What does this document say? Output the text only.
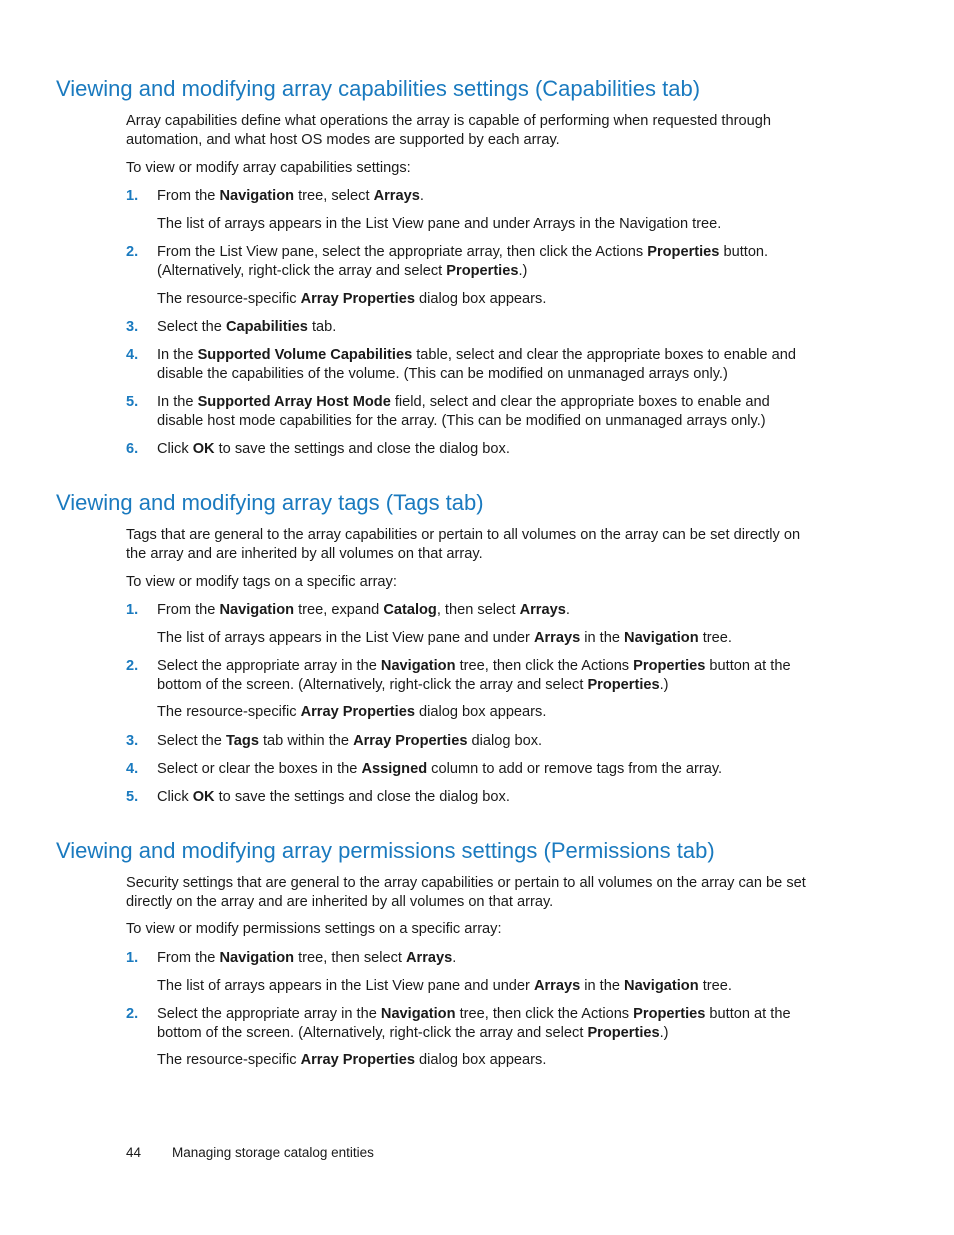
Viewing and modifying array capabilities settings (Capabilities tab)

Array capabilities define what operations the array is capable of performing when requested through automation, and what host OS modes are supported by each array.

To view or modify array capabilities settings:

Viewing and modifying array tags (Tags tab)

Tags that are general to the array capabilities or pertain to all volumes on the array can be set directly on the array and are inherited by all volumes on that array.

To view or modify tags on a specific array:

Viewing and modifying array permissions settings (Permissions tab)

Security settings that are general to the array capabilities or pertain to all volumes on the array can be set directly on the array and are inherited by all volumes on that array.

To view or modify permissions settings on a specific array:

44 Managing storage catalog entities
1. From the Navigation tree, select Arrays.
The list of arrays appears in the List View pane and under Arrays in the Navigation tree.
2. From the List View pane, select the appropriate array, then click the Actions Properties button. (Alternatively, right-click the array and select Properties.)
The resource-specific Array Properties dialog box appears.
3. Select the Capabilities tab.
4. In the Supported Volume Capabilities table, select and clear the appropriate boxes to enable and disable the capabilities of the volume. (This can be modified on unmanaged arrays only.)
5. In the Supported Array Host Mode field, select and clear the appropriate boxes to enable and disable host mode capabilities for the array. (This can be modified on unmanaged arrays only.)
6. Click OK to save the settings and close the dialog box.
1. From the Navigation tree, expand Catalog, then select Arrays.
The list of arrays appears in the List View pane and under Arrays in the Navigation tree.
2. Select the appropriate array in the Navigation tree, then click the Actions Properties button at the bottom of the screen. (Alternatively, right-click the array and select Properties.)
The resource-specific Array Properties dialog box appears.
3. Select the Tags tab within the Array Properties dialog box.
4. Select or clear the boxes in the Assigned column to add or remove tags from the array.
5. Click OK to save the settings and close the dialog box.
1. From the Navigation tree, then select Arrays.
The list of arrays appears in the List View pane and under Arrays in the Navigation tree.
2. Select the appropriate array in the Navigation tree, then click the Actions Properties button at the bottom of the screen. (Alternatively, right-click the array and select Properties.)
The resource-specific Array Properties dialog box appears.
